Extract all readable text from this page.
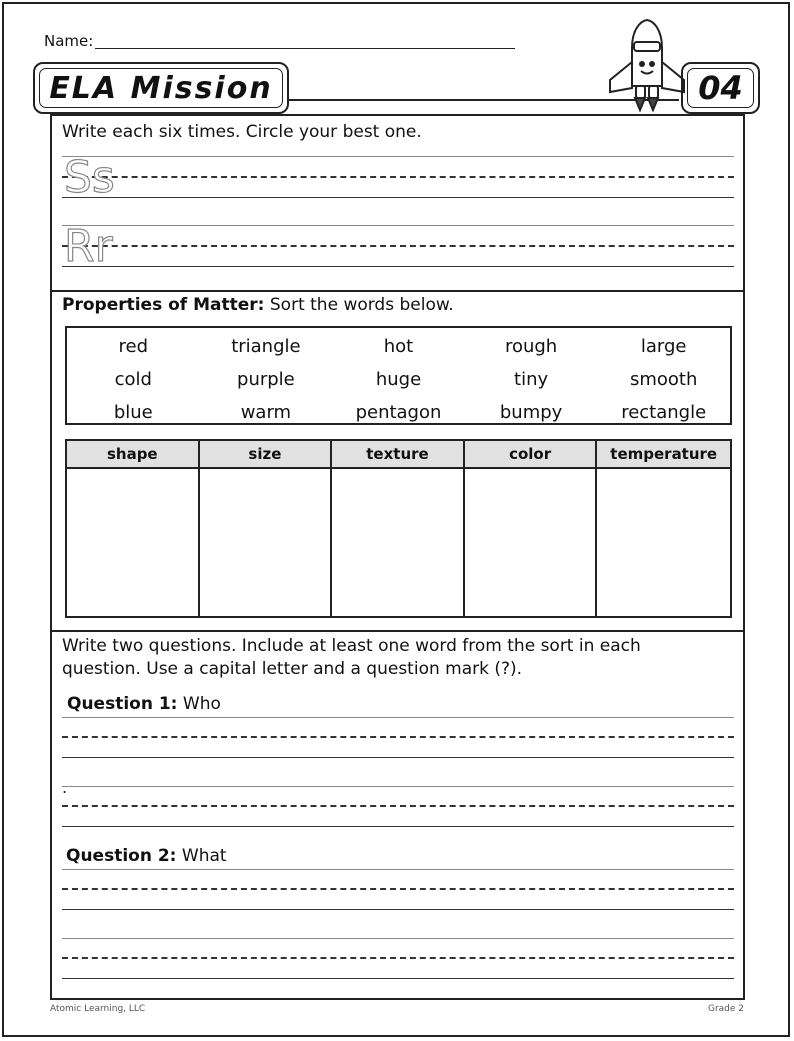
Name:
ELA Mission	04
Write each six times. Circle your best one.
Ss
Rr
Properties of Matter: Sort the words below.
red	triangle	hot	rough	large
cold	purple	huge	tiny	smooth
blue	warm	pentagon	bumpy	rectangle
shape	size	texture	color	temperature
Write two questions. Include at least one word from the sort in each
question. Use a capital letter and a question mark (?).
Question 1: Who
.
Question 2: What
Atomic Learning, LLC	Grade 2
